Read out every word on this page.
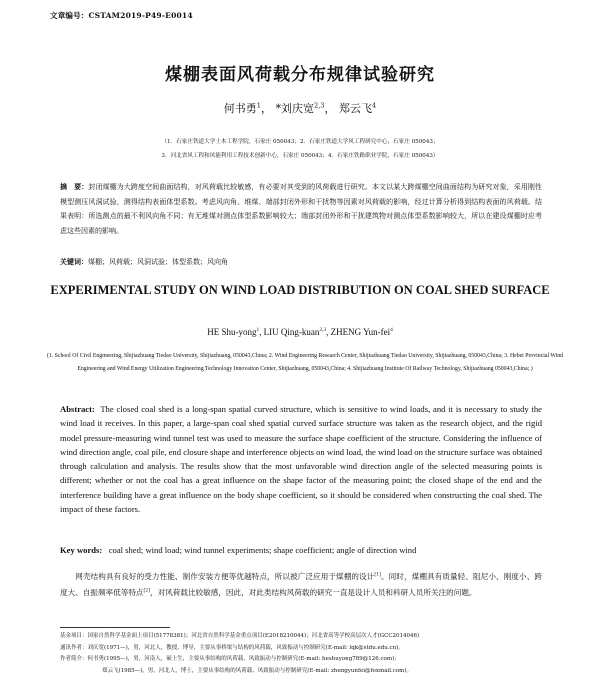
文章编号：CSTAM2019-P49-E0014
煤棚表面风荷载分布规律试验研究
何书勇$^1$， *刘庆宽$^{2,3}$， 郑云飞$^4$
（1．石家庄铁道大学土木工程学院，石家庄 050043；2．石家庄铁道大学风工程研究中心，石家庄 050043；
3．河北省风工程和风能利用工程技术创新中心，石家庄 050043；4．石家庄铁路职业学院，石家庄 050043）
摘　要：封闭煤棚为大跨度空间曲面结构，对风荷载比较敏感，有必要对其受到的风荷载进行研究。本文以某大跨煤棚空间曲面结构为研究对象，采用刚性模型测压风洞试验，测得结构表面体型系数。考虑风向角、堆煤、端部封闭外形和干扰物等因素对风荷载的影响，经过计算分析得到结构表面的风荷载。结果表明：所选测点的最不利风向角不同；有无堆煤对测点体型系数影响较大；端部封闭外形和干扰建筑物对测点体型系数影响较大，所以在建设煤棚时应考虑这些因素的影响。
关键词：煤棚；风荷载；风洞试验；体型系数；风向角
EXPERIMENTAL STUDY ON WIND LOAD DISTRIBUTION ON COAL SHED SURFACE
HE Shu-yong$^1$, LIU Qing-kuan$^{2,3}$, ZHENG Yun-fei$^4$
(1. School Of Civil Engineering, Shijiazhuang Tiedao University, Shijiazhuang, 050043,China; 2. Wind Engineering Research Center, Shijiazhuang Tiedao University, Shijiazhuang, 050043,China; 3. Hebei Provincial Wind Engineering and Wind Energy Utilization Engineering Technology Innovation Center, Shijiazhuang, 050043,China; 4. Shijiazhuang Institute Of Railway Technology, Shijiazhuang 050043,China; )
Abstract: The closed coal shed is a long-span spatial curved structure, which is sensitive to wind loads, and it is necessary to study the wind load it receives. In this paper, a large-span coal shed spatial curved surface structure was taken as the research object, and the rigid model pressure-measuring wind tunnel test was used to measure the surface shape coefficient of the structure. Considering the influence of wind direction angle, coal pile, end closure shape and interference objects on wind load, the wind load on the structure surface was obtained through calculation and analysis. The results show that the most unfavorable wind direction angle of the selected measuring points is different; whether or not the coal has a great influence on the shape factor of the measuring point; the closed shape of the end and the interference building have a great influence on the body shape coefficient, so it should be considered when constructing the coal shed. The impact of these factors.
Key words: coal shed; wind load; wind tunnel experiments; shape coefficient; angle of direction wind
网壳结构具有良好的受力性能、制作安装方便等优越特点，所以被广泛应用于煤棚的设计[1]。同时，煤棚具有质量轻、阻尼小、刚度小、跨度大、自振频率低等特点[2]，对风荷载比较敏感，因此，对此类结构风荷载的研究一直是设计人员和科研人员所关注的问题。
基金项目：国家自然科学基金面上项目(51778381)；河北省自然科学基金重点项目(E2018210044)；河北省高等学校高层次人才(GCC2014046)
通讯作者：刘庆宽(1971—)，男，河北人，教授，博导，主要从事桥梁与结构的风荷载，风致振动与控制研究(E-mail: lqk@stdu.edu.cn)。
作者简介：何书勇(1995—)，男，河南人，硕士生，主要从事结构的风荷载、风致振动与控制研究(E-mail: heshuyong789@126.com)；
郑云飞(1985—)，男，河北人，博士，主要从事结构的风荷载、风致振动与控制研究(E-mail: zhengyunfei@foxmail.com)。
